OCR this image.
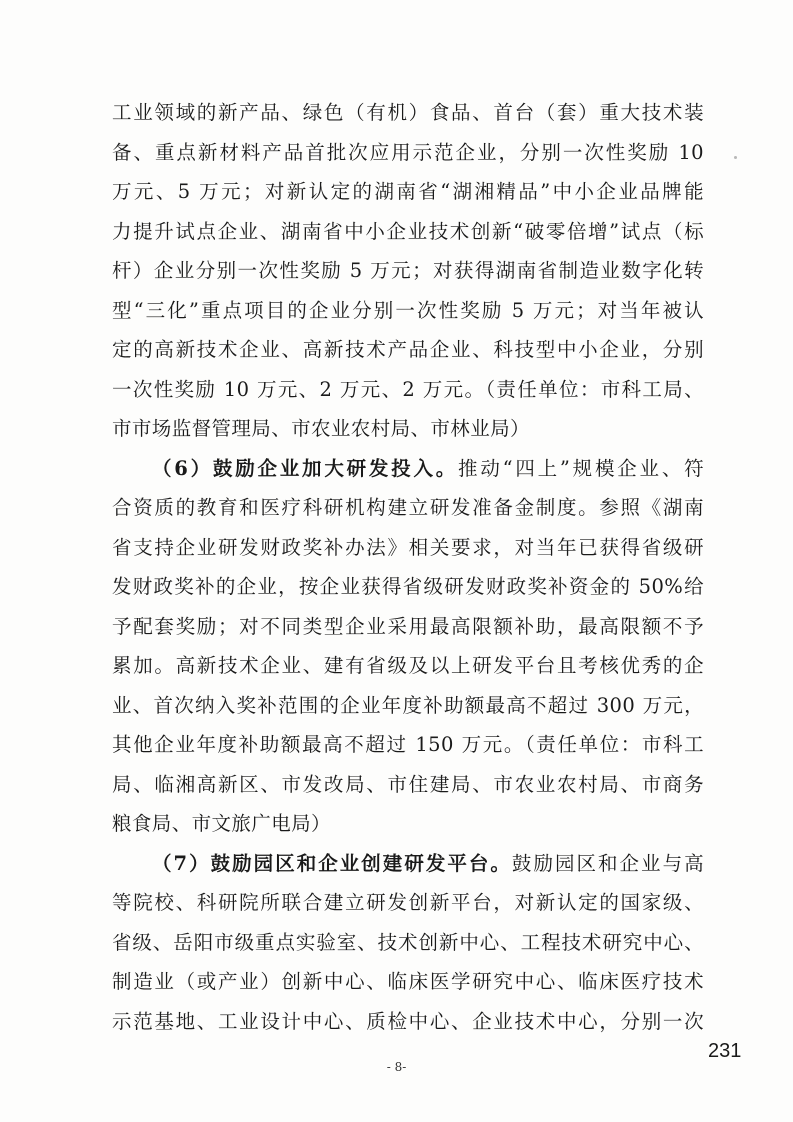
工业领域的新产品、绿色（有机）食品、首台（套）重大技术装
备、重点新材料产品首批次应用示范企业，分别一次性奖励 10
万元、5 万元；对新认定的湖南省“湖湘精品”中小企业品牌能
力提升试点企业、湖南省中小企业技术创新“破零倍增”试点（标
杆）企业分别一次性奖励 5 万元；对获得湖南省制造业数字化转
型“三化”重点项目的企业分别一次性奖励 5 万元；对当年被认
定的高新技术企业、高新技术产品企业、科技型中小企业，分别
一次性奖励 10 万元、2 万元、2 万元。（责任单位：市科工局、
市市场监督管理局、市农业农村局、市林业局）
（6）鼓励企业加大研发投入。推动“四上”规模企业、符
合资质的教育和医疗科研机构建立研发准备金制度。参照《湖南
省支持企业研发财政奖补办法》相关要求，对当年已获得省级研
发财政奖补的企业，按企业获得省级研发财政奖补资金的 50%给
予配套奖励；对不同类型企业采用最高限额补助，最高限额不予
累加。高新技术企业、建有省级及以上研发平台且考核优秀的企
业、首次纳入奖补范围的企业年度补助额最高不超过 300 万元，
其他企业年度补助额最高不超过 150 万元。（责任单位：市科工
局、临湘高新区、市发改局、市住建局、市农业农村局、市商务
粮食局、市文旅广电局）
（7）鼓励园区和企业创建研发平台。鼓励园区和企业与高
等院校、科研院所联合建立研发创新平台，对新认定的国家级、
省级、岳阳市级重点实验室、技术创新中心、工程技术研究中心、
制造业（或产业）创新中心、临床医学研究中心、临床医疗技术
示范基地、工业设计中心、质检中心、企业技术中心，分别一次
231
- 8-
